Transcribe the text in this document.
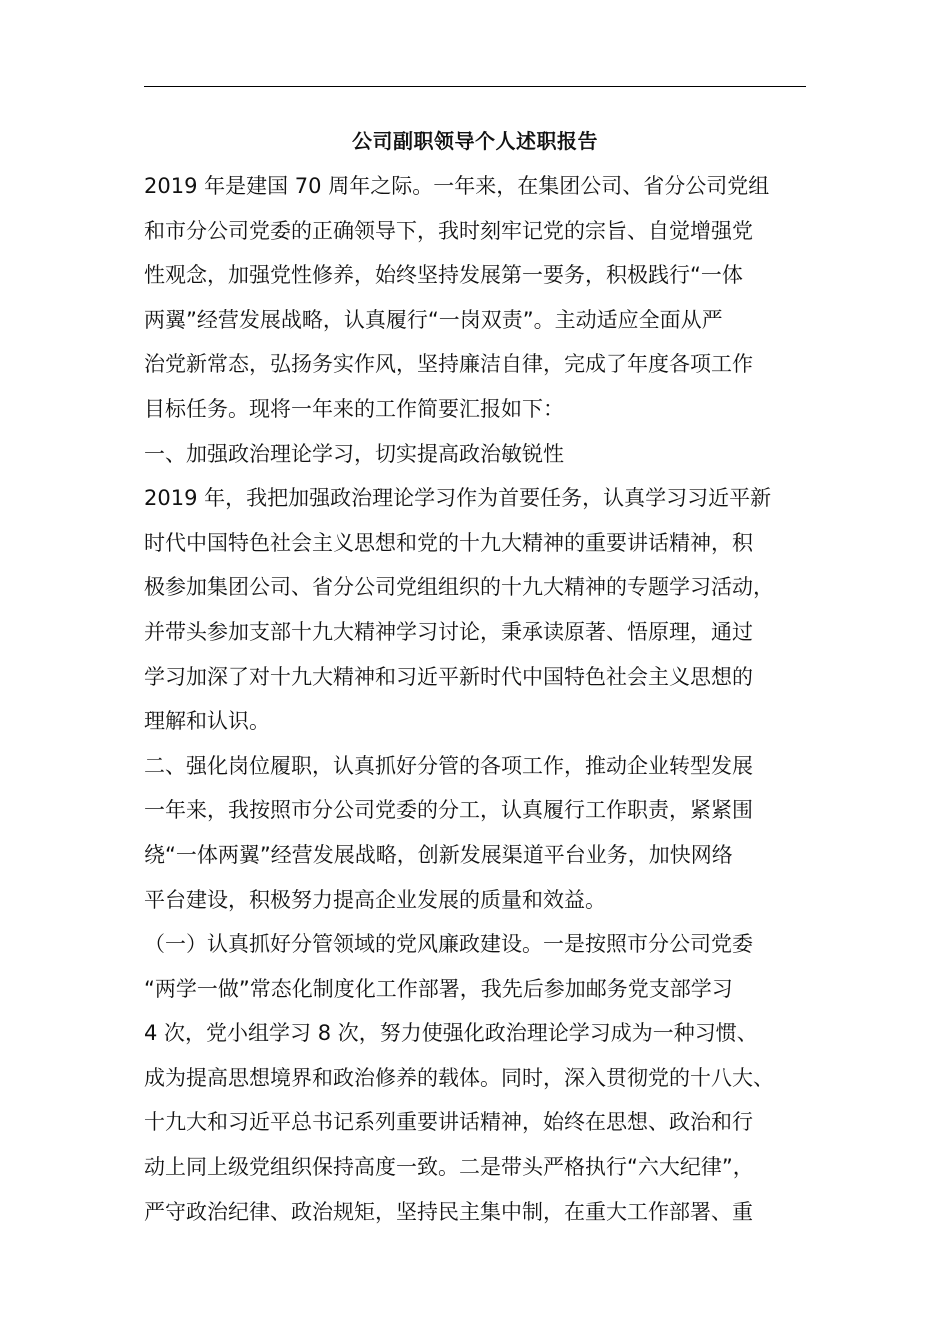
公司副职领导个人述职报告
2019 年是建国 70 周年之际。一年来，在集团公司、省分公司党组
和市分公司党委的正确领导下，我时刻牢记党的宗旨、自觉增强党
性观念，加强党性修养，始终坚持发展第一要务，积极践行“一体
两翼”经营发展战略，认真履行“一岗双责”。主动适应全面从严
治党新常态，弘扬务实作风，坚持廉洁自律，完成了年度各项工作
目标任务。现将一年来的工作简要汇报如下：
一、加强政治理论学习，切实提高政治敏锐性
2019 年，我把加强政治理论学习作为首要任务，认真学习习近平新
时代中国特色社会主义思想和党的十九大精神的重要讲话精神，积
极参加集团公司、省分公司党组组织的十九大精神的专题学习活动，
并带头参加支部十九大精神学习讨论，秉承读原著、悟原理，通过
学习加深了对十九大精神和习近平新时代中国特色社会主义思想的
理解和认识。
二、强化岗位履职，认真抓好分管的各项工作，推动企业转型发展
一年来，我按照市分公司党委的分工，认真履行工作职责，紧紧围
绕“一体两翼”经营发展战略，创新发展渠道平台业务，加快网络
平台建设，积极努力提高企业发展的质量和效益。
（一）认真抓好分管领域的党风廉政建设。一是按照市分公司党委
“两学一做”常态化制度化工作部署，我先后参加邮务党支部学习
4 次，党小组学习 8 次，努力使强化政治理论学习成为一种习惯、
成为提高思想境界和政治修养的载体。同时，深入贯彻党的十八大、
十九大和习近平总书记系列重要讲话精神，始终在思想、政治和行
动上同上级党组织保持高度一致。二是带头严格执行“六大纪律”，
严守政治纪律、政治规矩，坚持民主集中制，在重大工作部署、重
